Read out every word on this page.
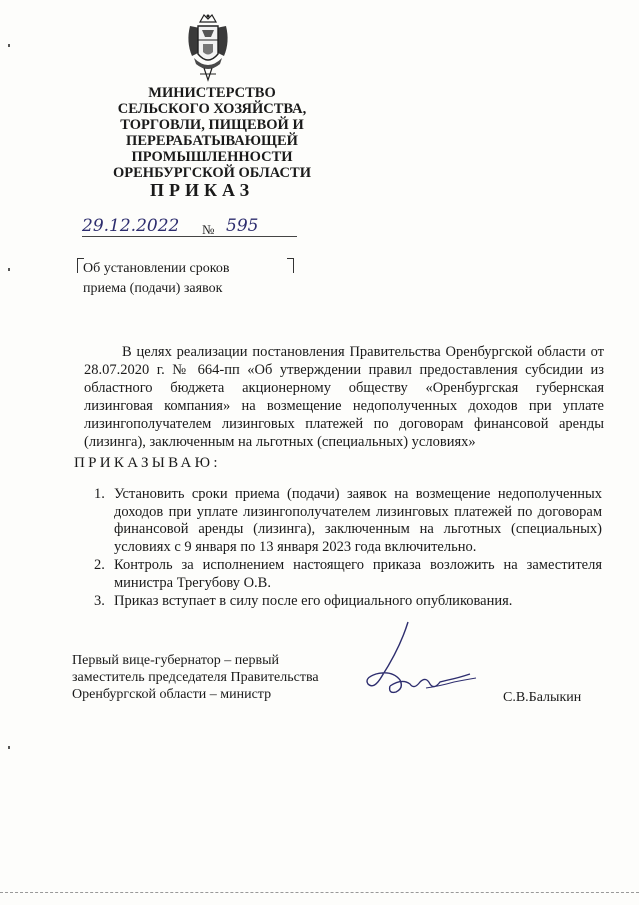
МИНИСТЕРСТВО
СЕЛЬСКОГО ХОЗЯЙСТВА,
ТОРГОВЛИ, ПИЩЕВОЙ И
ПЕРЕРАБАТЫВАЮЩЕЙ
ПРОМЫШЛЕННОСТИ
ОРЕНБУРГСКОЙ ОБЛАСТИ
ПРИКАЗ
29.12.2022 № 595
Об установлении сроков
приема (подачи) заявок

В целях реализации постановления Правительства Оренбургской области от 28.07.2020 г. № 664-пп «Об утверждении правил предоставления субсидии из областного бюджета акционерному обществу «Оренбургская губернская лизинговая компания» на возмещение недополученных доходов при уплате лизингополучателем лизинговых платежей по договорам финансовой аренды (лизинга), заключенным на льготных (специальных) условиях»

ПРИКАЗЫВАЮ:

1. Установить сроки приема (подачи) заявок на возмещение недополученных доходов при уплате лизингополучателем лизинговых платежей по договорам финансовой аренды (лизинга), заключенным на льготных (специальных) условиях с 9 января по 13 января 2023 года включительно.
2. Контроль за исполнением настоящего приказа возложить на заместителя министра Трегубову О.В.
3. Приказ вступает в силу после его официального опубликования.
Первый вице-губернатор – первый
заместитель председателя Правительства
Оренбургской области – министр	С.В.Балыкин
